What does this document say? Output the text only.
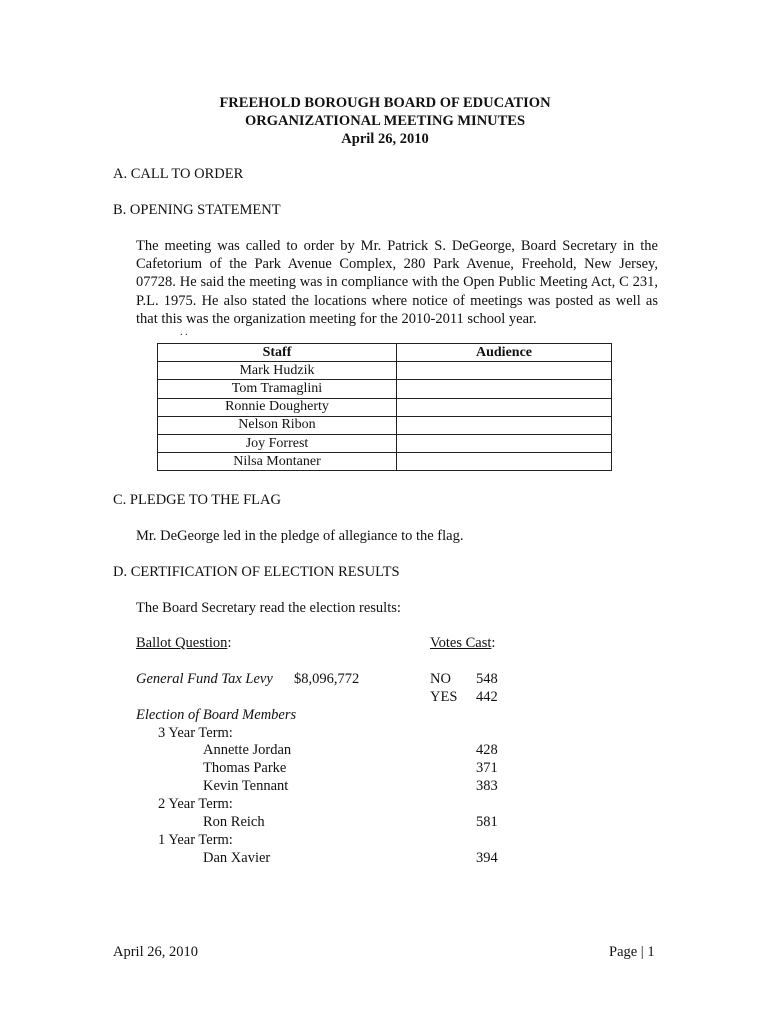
FREEHOLD BOROUGH BOARD OF EDUCATION
ORGANIZATIONAL MEETING MINUTES
April 26, 2010
A. CALL TO ORDER
B. OPENING STATEMENT
The meeting was called to order by Mr. Patrick S. DeGeorge, Board Secretary in the Cafetorium of the Park Avenue Complex, 280 Park Avenue, Freehold, New Jersey, 07728. He said the meeting was in compliance with the Open Public Meeting Act, C 231, P.L. 1975. He also stated the locations where notice of meetings was posted as well as that this was the organization meeting for the 2010-2011 school year.
. .
Staff	Audience
Mark Hudzik	
Tom Tramaglini	
Ronnie Dougherty	
Nelson Ribon	
Joy Forrest	
Nilsa Montaner	
C. PLEDGE TO THE FLAG
Mr. DeGeorge led in the pledge of allegiance to the flag.
D. CERTIFICATION OF ELECTION RESULTS
The Board Secretary read the election results:
Ballot Question:	Votes Cast:
General Fund Tax Levy $8,096,772	NO 548
YES 442
Election of Board Members
3 Year Term:
Annette Jordan	428
Thomas Parke	371
Kevin Tennant	383
2 Year Term:
Ron Reich	581
1 Year Term:
Dan Xavier	394
April 26, 2010	Page | 1
